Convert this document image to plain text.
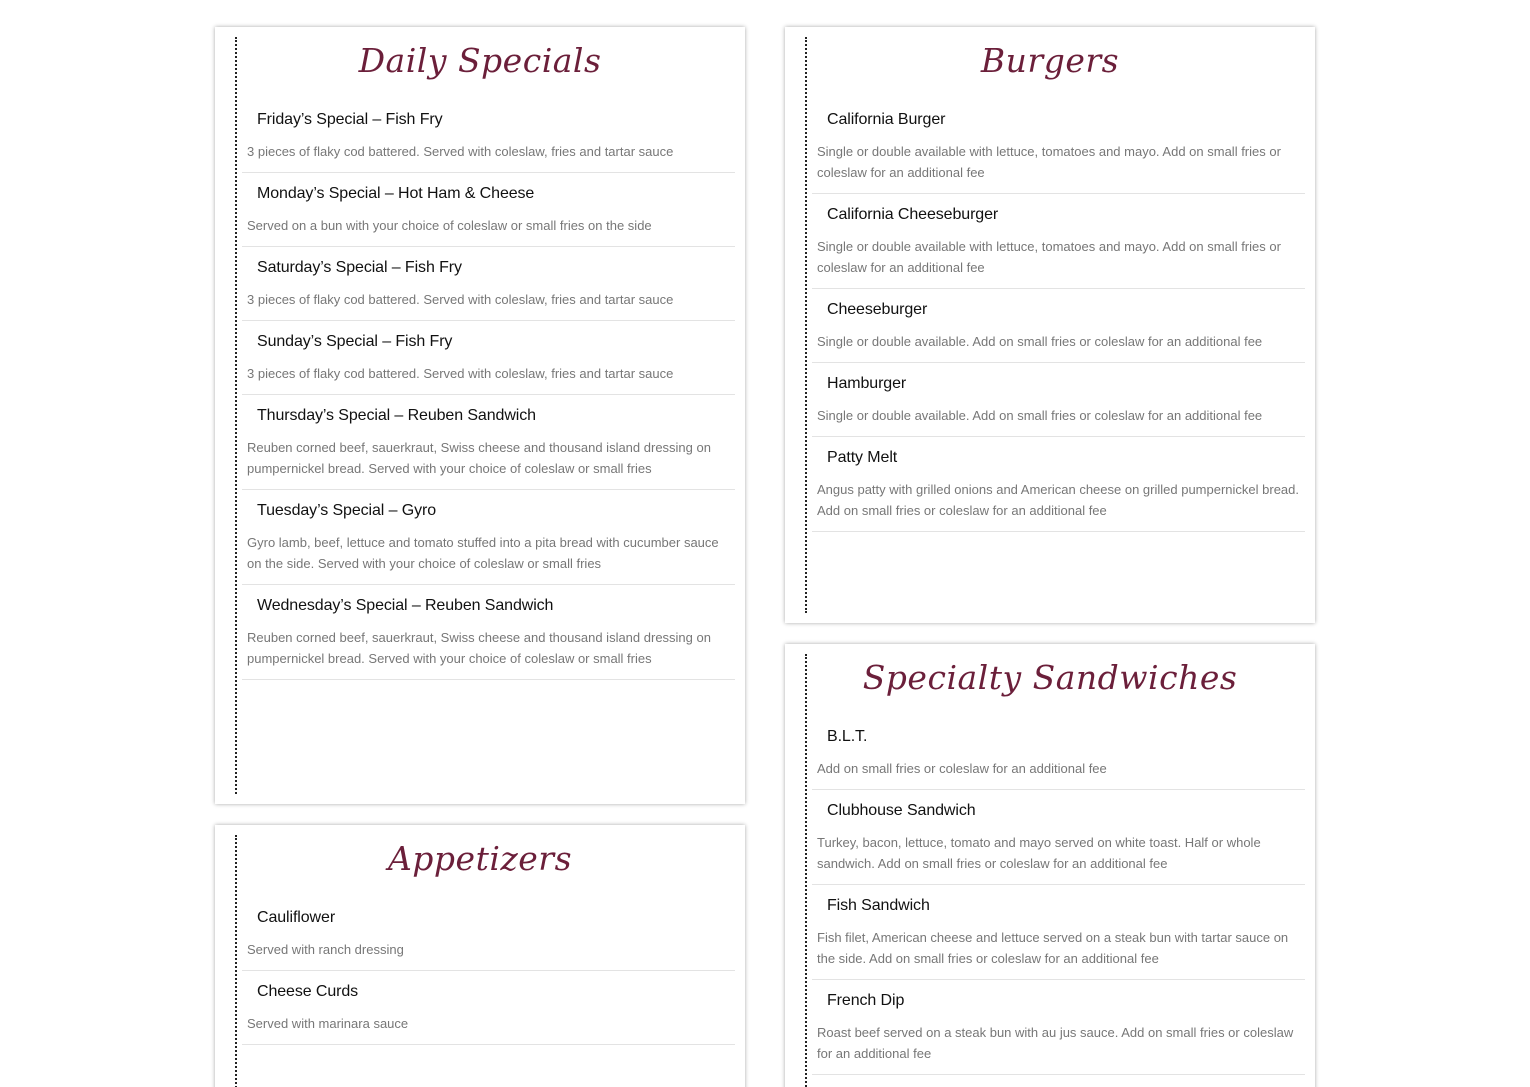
Daily Specials
Friday’s Special – Fish Fry
3 pieces of flaky cod battered. Served with coleslaw, fries and tartar sauce
Monday’s Special – Hot Ham & Cheese
Served on a bun with your choice of coleslaw or small fries on the side
Saturday’s Special – Fish Fry
3 pieces of flaky cod battered. Served with coleslaw, fries and tartar sauce
Sunday’s Special – Fish Fry
3 pieces of flaky cod battered. Served with coleslaw, fries and tartar sauce
Thursday’s Special – Reuben Sandwich
Reuben corned beef, sauerkraut, Swiss cheese and thousand island dressing on pumpernickel bread. Served with your choice of coleslaw or small fries
Tuesday’s Special – Gyro
Gyro lamb, beef, lettuce and tomato stuffed into a pita bread with cucumber sauce on the side. Served with your choice of coleslaw or small fries
Wednesday’s Special – Reuben Sandwich
Reuben corned beef, sauerkraut, Swiss cheese and thousand island dressing on pumpernickel bread. Served with your choice of coleslaw or small fries
Appetizers
Cauliflower
Served with ranch dressing
Cheese Curds
Served with marinara sauce
Burgers
California Burger
Single or double available with lettuce, tomatoes and mayo. Add on small fries or coleslaw for an additional fee
California Cheeseburger
Single or double available with lettuce, tomatoes and mayo. Add on small fries or coleslaw for an additional fee
Cheeseburger
Single or double available. Add on small fries or coleslaw for an additional fee
Hamburger
Single or double available. Add on small fries or coleslaw for an additional fee
Patty Melt
Angus patty with grilled onions and American cheese on grilled pumpernickel bread. Add on small fries or coleslaw for an additional fee
Specialty Sandwiches
B.L.T.
Add on small fries or coleslaw for an additional fee
Clubhouse Sandwich
Turkey, bacon, lettuce, tomato and mayo served on white toast. Half or whole sandwich. Add on small fries or coleslaw for an additional fee
Fish Sandwich
Fish filet, American cheese and lettuce served on a steak bun with tartar sauce on the side. Add on small fries or coleslaw for an additional fee
French Dip
Roast beef served on a steak bun with au jus sauce. Add on small fries or coleslaw for an additional fee
